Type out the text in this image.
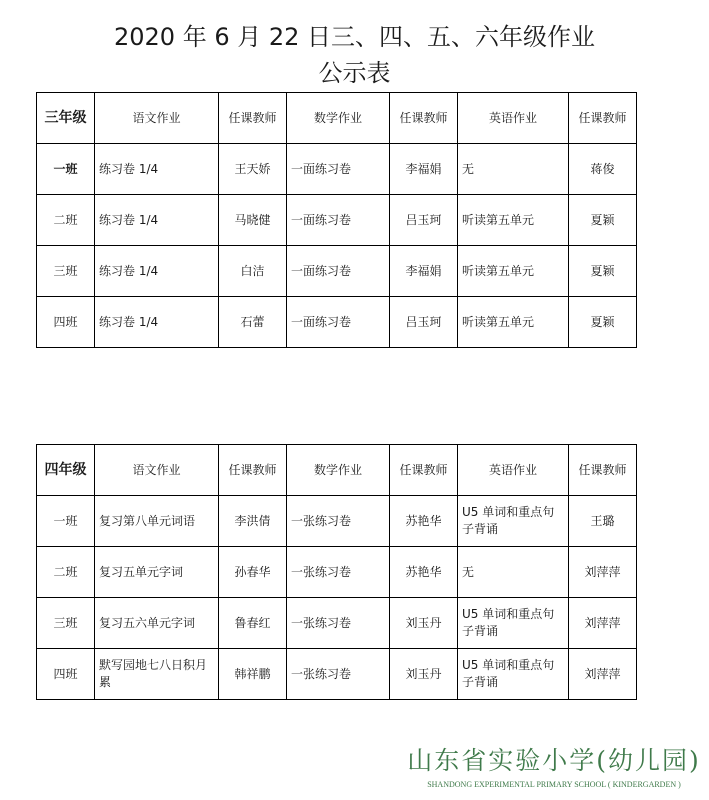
2020 年 6 月 22 日三、四、五、六年级作业
公示表
三年级	语文作业	任课教师	数学作业	任课教师	英语作业	任课教师
一班	练习卷 1/4	王天娇	一面练习卷	李福娟	无	蒋俊
二班	练习卷 1/4	马晓健	一面练习卷	吕玉珂	听读第五单元	夏颖
三班	练习卷 1/4	白洁	一面练习卷	李福娟	听读第五单元	夏颖
四班	练习卷 1/4	石蕾	一面练习卷	吕玉珂	听读第五单元	夏颖
四年级	语文作业	任课教师	数学作业	任课教师	英语作业	任课教师
一班	复习第八单元词语	李洪倩	一张练习卷	苏艳华	U5 单词和重点句子背诵	王璐
二班	复习五单元字词	孙春华	一张练习卷	苏艳华	无	刘萍萍
三班	复习五六单元字词	鲁春红	一张练习卷	刘玉丹	U5 单词和重点句子背诵	刘萍萍
四班	默写园地七八日积月累	韩祥鹏	一张练习卷	刘玉丹	U5 单词和重点句子背诵	刘萍萍
山东省实验小学(幼儿园)
SHANDONG EXPERIMENTAL PRIMARY SCHOOL ( KINDERGARDEN )
